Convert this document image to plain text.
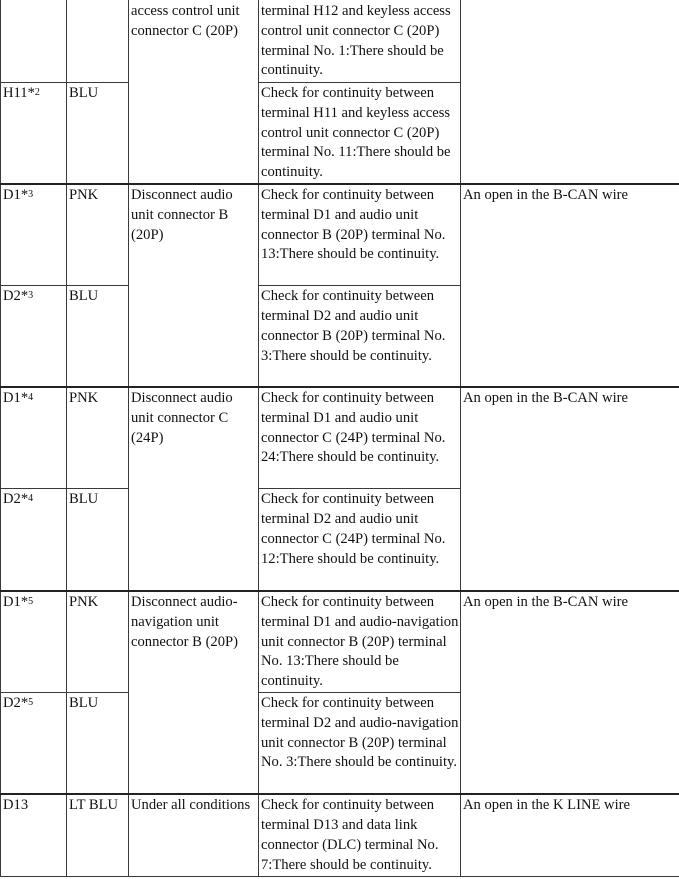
		access control unit connector C (20P)	terminal H12 and keyless access control unit connector C (20P) terminal No. 1:There should be continuity.	

H11*$^2$	BLU		Check for continuity between terminal H11 and keyless access control unit connector C (20P) terminal No. 11:There should be continuity.	
D1*$^3$	PNK	Disconnect audio unit connector B (20P)	Check for continuity between terminal D1 and audio unit connector B (20P) terminal No. 13:There should be continuity.	An open in the B-CAN wire
D2*$^3$	BLU		Check for continuity between terminal D2 and audio unit connector B (20P) terminal No. 3:There should be continuity.	
D1*$^4$	PNK	Disconnect audio unit connector C (24P)	Check for continuity between terminal D1 and audio unit connector C (24P) terminal No. 24:There should be continuity.	An open in the B-CAN wire
D2*$^4$	BLU		Check for continuity between terminal D2 and audio unit connector C (24P) terminal No. 12:There should be continuity.	
D1*$^5$	PNK	Disconnect audio-navigation unit connector B (20P)	Check for continuity between terminal D1 and audio-navigation unit connector B (20P) terminal No. 13:There should be continuity.	An open in the B-CAN wire
D2*$^5$	BLU		Check for continuity between terminal D2 and audio-navigation unit connector B (20P) terminal No. 3:There should be continuity.	
D13	LT BLU	Under all conditions	Check for continuity between terminal D13 and data link connector (DLC) terminal No. 7:There should be continuity.	An open in the K LINE wire
